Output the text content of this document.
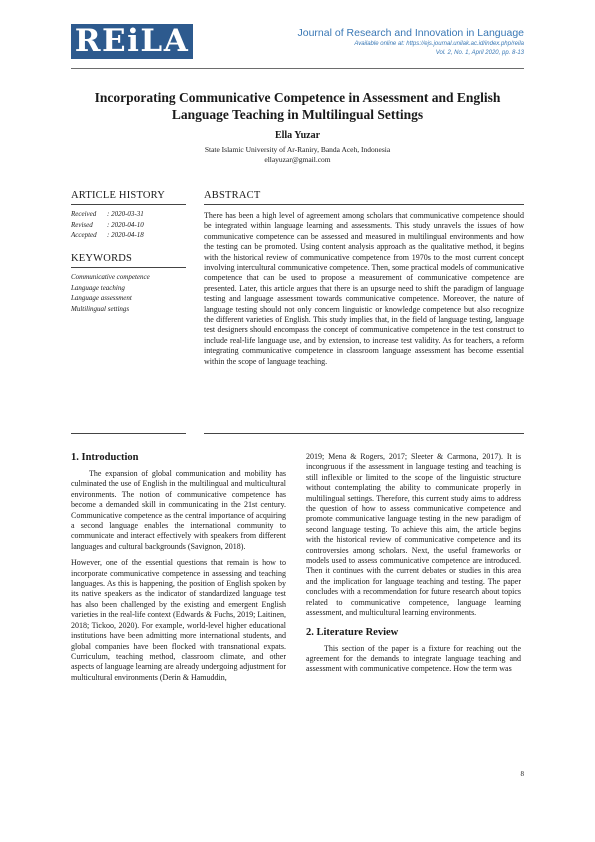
REiLA	Journal of Research and Innovation in Language
Available online at: https://ejs.journal.unilak.ac.id/index.php/reila
Vol. 2, No. 1, April 2020, pp. 8-13
Incorporating Communicative Competence in Assessment and English Language Teaching in Multilingual Settings
Ella Yuzar
State Islamic University of Ar-Raniry, Banda Aceh, Indonesia
ellayuzar@gmail.com
ARTICLE HISTORY
Received : 2020-03-31
Revised : 2020-04-10
Accepted : 2020-04-18
KEYWORDS
Communicative competence
Language teaching
Language assessment
Multilingual settings
ABSTRACT

There has been a high level of agreement among scholars that communicative competence should be integrated within language learning and assessments. This study unravels the issues of how communicative competence can be assessed and measured in multilingual environments and how the testing can be promoted. Using content analysis approach as the qualitative method, it begins with the historical review of communicative competence from 1970s to the most current concept involving intercultural communicative competence. Then, some practical models of communicative competence that can be used to propose a measurement of communicative competence are presented. Later, this article argues that there is an upsurge need to shift the paradigm of language testing and language assessment towards communicative competence. Moreover, the nature of language testing should not only concern linguistic or knowledge competence but also recognize the different varieties of English. This study implies that, in the field of language testing, language test designers should encompass the concept of communicative competence in the test construct to include real-life language use, and by extension, to increase test validity. As for teachers, a reform integrating communicative competence in classroom language assessment has become essential within the scope of language teaching.

1. Introduction

The expansion of global communication and mobility has culminated the use of English in the multilingual and multicultural environments. The notion of communicative competence has become a demanded skill in communicating in the 21st century. Communicative competence as the central importance of acquiring a second language enables the international community to communicate and interact effectively with speakers from different languages and cultural backgrounds (Savignon, 2018).

However, one of the essential questions that remain is how to incorporate communicative competence in assessing and teaching languages. As this is happening, the position of English spoken by its native speakers as the indicator of standardized language test has also been challenged by the existing and emergent English varieties in the real-life context (Edwards & Fuchs, 2019; Laitinen, 2018; Tickoo, 2020). For example, world-level higher educational institutions have been admitting more international students, and global companies have been flocked with transnational expats. Curriculum, teaching method, classroom climate, and other aspects of language learning are already undergoing adjustment for multicultural environments (Derin & Hamuddin,

2019; Mena & Rogers, 2017; Sleeter & Carmona, 2017). It is incongruous if the assessment in language testing and teaching is still inflexible or limited to the scope of the linguistic structure without contemplating the ability to communicate properly in multilingual settings. Therefore, this current study aims to address the question of how to assess communicative competence and promote communicative language testing in the new paradigm of second language testing. To achieve this aim, the article begins with the historical review of communicative competence and its controversies among scholars. Next, the useful frameworks or models used to assess communicative competence are introduced. Then it continues with the current debates or studies in this area and the implication for language teaching and testing. The paper concludes with a recommendation for future research about topics related to communicative competence, language learning assessment, and multicultural learning environments.

2. Literature Review

This section of the paper is a fixture for reaching out the agreement for the demands to integrate language teaching and assessment with communicative competence. How the term was

8
